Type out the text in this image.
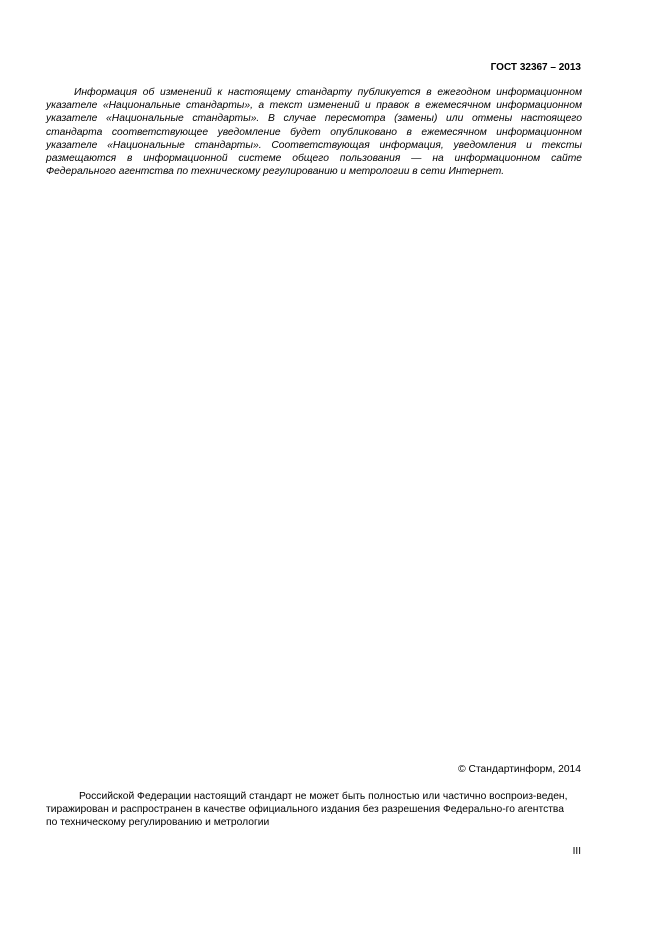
ГОСТ 32367 – 2013

Информация об изменений к настоящему стандарту публикуется в ежегодном информационном указателе «Национальные стандарты», а текст изменений и правок в ежемесячном информационном указателе «Национальные стандарты». В случае пересмотра (замены) или отмены настоящего стандарта соответствующее уведомление будет опубликовано в ежемесячном информационном указателе «Национальные стандарты». Соответствующая информация, уведомления и тексты размещаются в информационной системе общего пользования — на информационном сайте Федерального агентства по техническому регулированию и метрологии в сети Интернет.

© Стандартинформ, 2014

Российской Федерации настоящий стандарт не может быть полностью или частично воспроиз-веден, тиражирован и распространен в качестве официального издания без разрешения Федерально-го агентства по техническому регулированию и метрологии

III
